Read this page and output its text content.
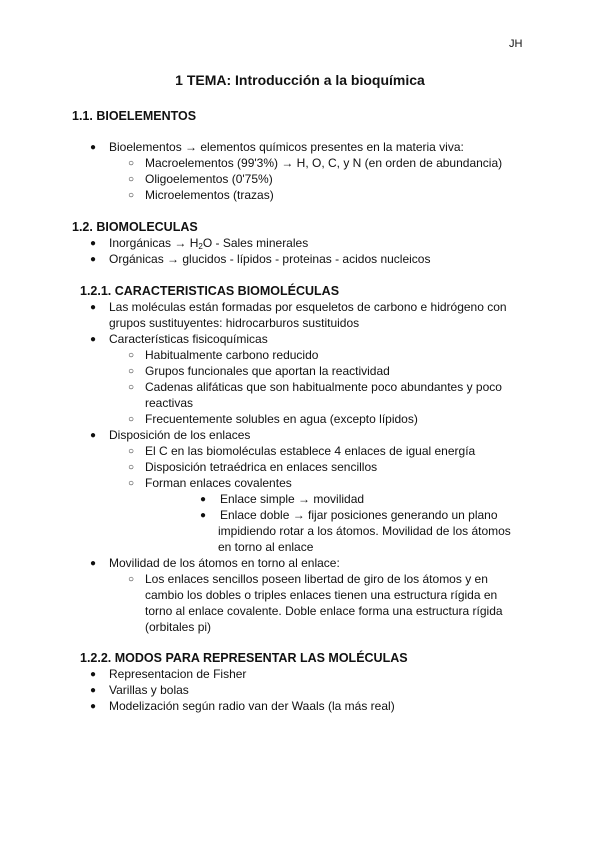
JH
1 TEMA: Introducción a la bioquímica
1.1. BIOELEMENTOS
● Bioelementos → elementos químicos presentes en la materia viva:
○ Macroelementos (99'3%) → H, O, C, y N (en orden de abundancia)
○ Oligoelementos (0'75%)
○ Microelementos (trazas)
1.2. BIOMOLECULAS
● Inorgánicas → $H_2O$ - Sales minerales
● Orgánicas → glucidos - lípidos - proteinas - acidos nucleicos
1.2.1. CARACTERISTICAS BIOMOLÉCULAS
● Las moléculas están formadas por esqueletos de carbono e hidrógeno con
grupos sustituyentes: hidrocarburos sustituidos
● Características fisicoquímicas
○ Habitualmente carbono reducido
○ Grupos funcionales que aportan la reactividad
○ Cadenas alifáticas que son habitualmente poco abundantes y poco
reactivas
○ Frecuentemente solubles en agua (excepto lípidos)
● Disposición de los enlaces
○ El C en las biomoléculas establece 4 enlaces de igual energía
○ Disposición tetraédrica en enlaces sencillos
○ Forman enlaces covalentes
● Enlace simple → movilidad
● Enlace doble → fijar posiciones generando un plano
impidiendo rotar a los átomos. Movilidad de los átomos
en torno al enlace
● Movilidad de los átomos en torno al enlace:
○ Los enlaces sencillos poseen libertad de giro de los átomos y en
cambio los dobles o triples enlaces tienen una estructura rígida en
torno al enlace covalente. Doble enlace forma una estructura rígida
(orbitales pi)
1.2.2. MODOS PARA REPRESENTAR LAS MOLÉCULAS
● Representacion de Fisher
● Varillas y bolas
● Modelización según radio van der Waals (la más real)
